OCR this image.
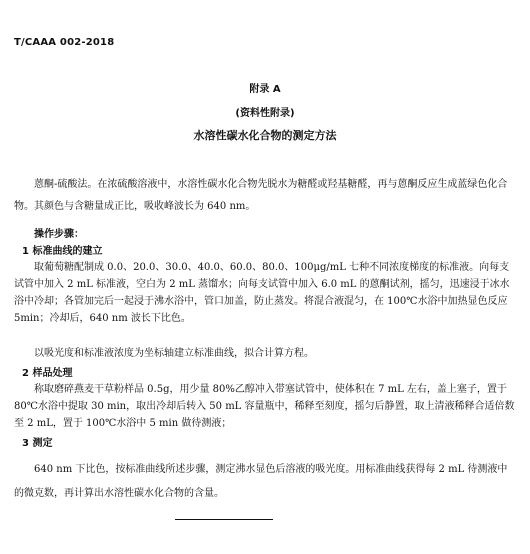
T/CAAA 002-2018
附录 A
(资料性附录)
水溶性碳水化合物的测定方法

蒽酮-硫酸法。在浓硫酸溶液中，水溶性碳水化合物先脱水为糖醛或羟基糖醛，再与蒽酮反应生成蓝绿色化合物。其颜色与含糖量成正比，吸收峰波长为 640 nm。

操作步骤：
1 标准曲线的建立

取葡萄糖配制成 0.0、20.0、30.0、40.0、60.0、80.0、100μg/mL 七种不同浓度梯度的标准液。向每支试管中加入 2 mL 标准液，空白为 2 mL 蒸馏水；向每支试管中加入 6.0 mL 的蒽酮试剂，摇匀，迅速浸于冰水浴中冷却；各管加完后一起浸于沸水浴中，管口加盖，防止蒸发。将混合液混匀，在 100℃水浴中加热显色反应 5min；冷却后，640 nm 波长下比色。

以吸光度和标准液浓度为坐标轴建立标准曲线，拟合计算方程。

2 样品处理

称取磨碎燕麦干草粉样品 0.5g，用少量 80%乙醇冲入带塞试管中，使体积在 7 mL 左右，盖上塞子，置于 80℃水浴中提取 30 min，取出冷却后转入 50 mL 容量瓶中，稀释至刻度，摇匀后静置，取上清液稀释合适倍数至 2 mL，置于 100℃水浴中 5 min 做待测液；

3 测定

640 nm 下比色，按标准曲线所述步骤，测定沸水显色后溶液的吸光度。用标准曲线获得每 2 mL 待测液中的微克数，再计算出水溶性碳水化合物的含量。
